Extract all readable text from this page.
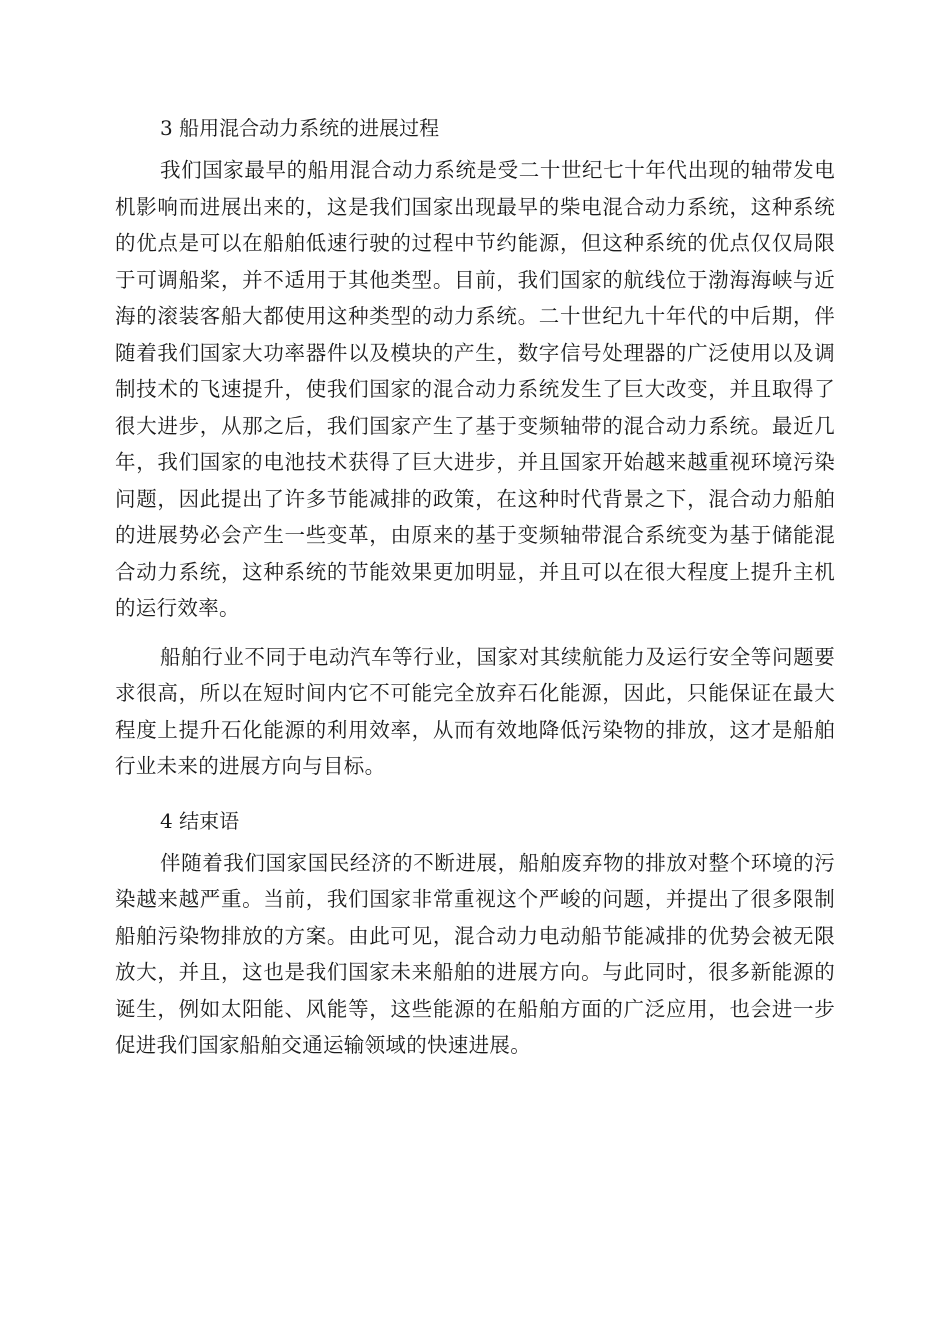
3 船用混合动力系统的进展过程

我们国家最早的船用混合动力系统是受二十世纪七十年代出现的轴带发电机影响而进展出来的，这是我们国家出现最早的柴电混合动力系统，这种系统的优点是可以在船舶低速行驶的过程中节约能源，但这种系统的优点仅仅局限于可调船桨，并不适用于其他类型。目前，我们国家的航线位于渤海海峡与近海的滚装客船大都使用这种类型的动力系统。二十世纪九十年代的中后期，伴随着我们国家大功率器件以及模块的产生，数字信号处理器的广泛使用以及调制技术的飞速提升，使我们国家的混合动力系统发生了巨大改变，并且取得了很大进步，从那之后，我们国家产生了基于变频轴带的混合动力系统。最近几年，我们国家的电池技术获得了巨大进步，并且国家开始越来越重视环境污染问题，因此提出了许多节能减排的政策，在这种时代背景之下，混合动力船舶的进展势必会产生一些变革，由原来的基于变频轴带混合系统变为基于储能混合动力系统，这种系统的节能效果更加明显，并且可以在很大程度上提升主机的运行效率。

船舶行业不同于电动汽车等行业，国家对其续航能力及运行安全等问题要求很高，所以在短时间内它不可能完全放弃石化能源，因此，只能保证在最大程度上提升石化能源的利用效率，从而有效地降低污染物的排放，这才是船舶行业未来的进展方向与目标。

4 结束语

伴随着我们国家国民经济的不断进展，船舶废弃物的排放对整个环境的污染越来越严重。当前，我们国家非常重视这个严峻的问题，并提出了很多限制船舶污染物排放的方案。由此可见，混合动力电动船节能减排的优势会被无限放大，并且，这也是我们国家未来船舶的进展方向。与此同时，很多新能源的诞生，例如太阳能、风能等，这些能源的在船舶方面的广泛应用，也会进一步促进我们国家船舶交通运输领域的快速进展。
